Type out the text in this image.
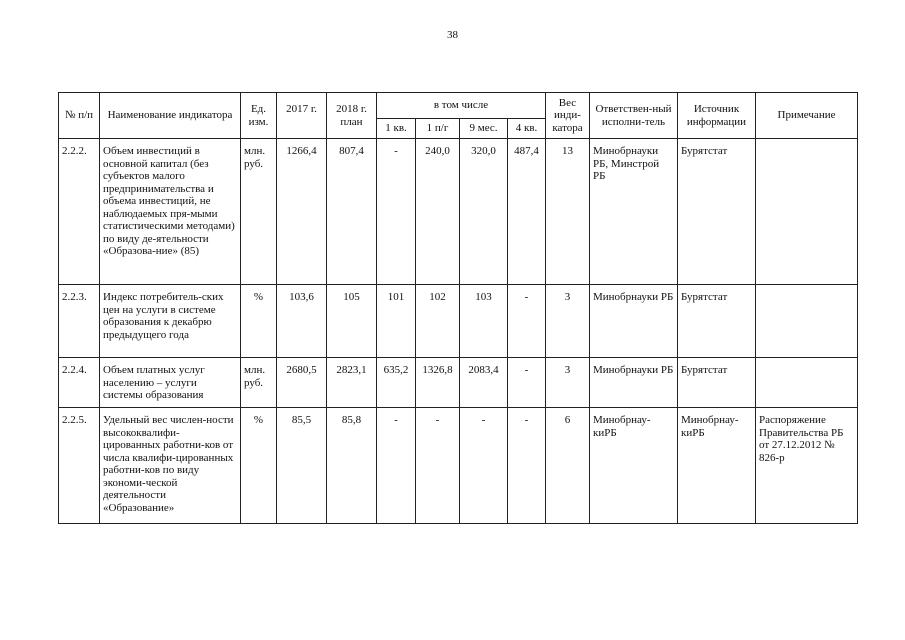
38
№ п/п	Наименование индикатора	Ед. изм.	2017 г.	2018 г. план	в том числе				Вес инди-катора	Ответствен-ный исполни-тель	Источник информации	Примечание
					1 кв.	1 п/г	9 мес.	4 кв.				
2.2.2.	Объем инвестиций в основной капитал (без субъектов малого предпринимательства и объема инвестиций, не наблюдаемых пря-мыми статистическими методами) по виду де-ятельности «Образова-ние» (85)	млн. руб.	1266,4	807,4	-	240,0	320,0	487,4	13	Минобрнауки РБ, Минстрой РБ	Бурятстат	
2.2.3.	Индекс потребитель-ских цен на услуги в системе образования к декабрю предыдущего года	%	103,6	105	101	102	103	-	3	Минобрнауки РБ	Бурятстат	
2.2.4.	Объем платных услуг населению – услуги системы образования	млн. руб.	2680,5	2823,1	635,2	1326,8	2083,4	-	3	Минобрнауки РБ	Бурятстат	
2.2.5.	Удельный вес числен-ности высококвалифи-цированных работни-ков от числа квалифи-цированных работни-ков по виду экономи-ческой деятельности «Образование»	%	85,5	85,8	-	-	-	-	6	Минобрнау-киРБ	Минобрнау-киРБ	Распоряжение Правительства РБ от 27.12.2012 № 826-р
